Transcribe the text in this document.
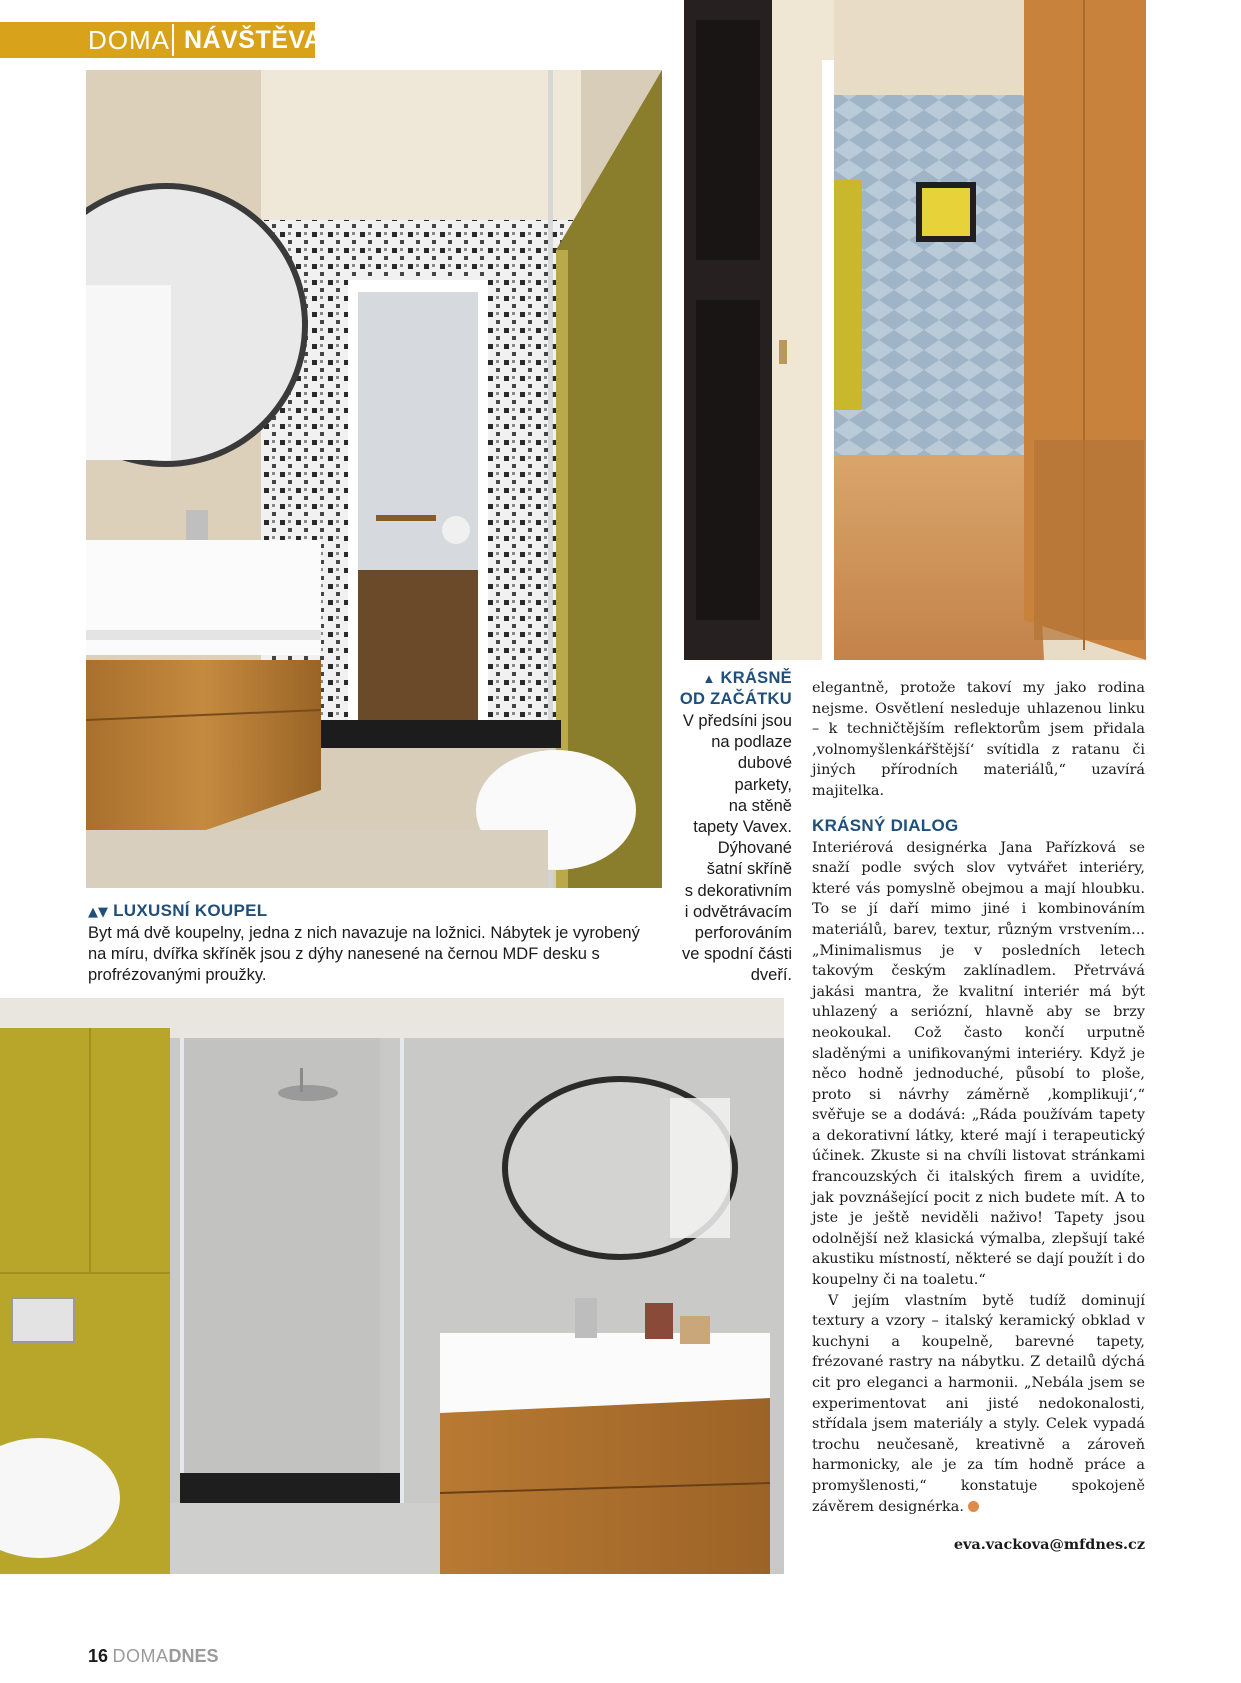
DOMA NÁVŠTĚVA
▲▼ LUXUSNÍ KOUPEL

Byt má dvě koupelny, jedna z nich navazuje na ložnici. Nábytek je vyrobený na míru, dvířka skříněk jsou z dýhy nanesené na černou MDF desku s profrézovanými proužky.

▲ KRÁSNĚ
OD ZAČÁTKU
V předsíni jsou
na podlaze
dubové
parkety,
na stěně
tapety Vavex.
Dýhované
šatní skříně
s dekorativním
i odvětrávacím
perforováním
ve spodní části
dveří.

elegantně, protože takoví my jako rodina nejsme. Osvětlení nesleduje uhlazenou linku – k techničtějším reflektorům jsem přidala ‚volnomyšlenkářštější‘ svítidla z ratanu či jiných přírodních materiálů,“ uzavírá majitelka.

KRÁSNÝ DIALOG

Interiérová designérka Jana Pařízková se snaží podle svých slov vytvářet interiéry, které vás pomyslně obejmou a mají hloubku. To se jí daří mimo jiné i kombinováním materiálů, barev, textur, různým vrstvením... „Minimalismus je v posledních letech takovým českým zaklínadlem. Přetrvává jakási mantra, že kvalitní interiér má být uhlazený a seriózní, hlavně aby se brzy neokoukal. Což často končí urputně sladěnými a unifikovanými interiéry. Když je něco hodně jednoduché, působí to ploše, proto si návrhy záměrně ‚komplikuji‘,“ svěřuje se a dodává: „Ráda používám tapety a dekorativní látky, které mají i terapeutický účinek. Zkuste si na chvíli listovat stránkami francouzských či italských firem a uvidíte, jak povznášející pocit z nich budete mít. A to jste je ještě neviděli naživo! Tapety jsou odolnější než klasická výmalba, zlepšují také akustiku místností, některé se dají použít i do koupelny či na toaletu.“

V jejím vlastním bytě tudíž dominují textury a vzory – italský keramický obklad v kuchyni a koupelně, barevné tapety, frézované rastry na nábytku. Z detailů dýchá cit pro eleganci a harmonii. „Nebála jsem se experimentovat ani jisté nedokonalosti, střídala jsem materiály a styly. Celek vypadá trochu neučesaně, kreativně a zároveň harmonicky, ale je za tím hodně práce a promyšlenosti,“ konstatuje spokojeně závěrem designérka.

eva.vackova@mfdnes.cz
16 DOMADNES
